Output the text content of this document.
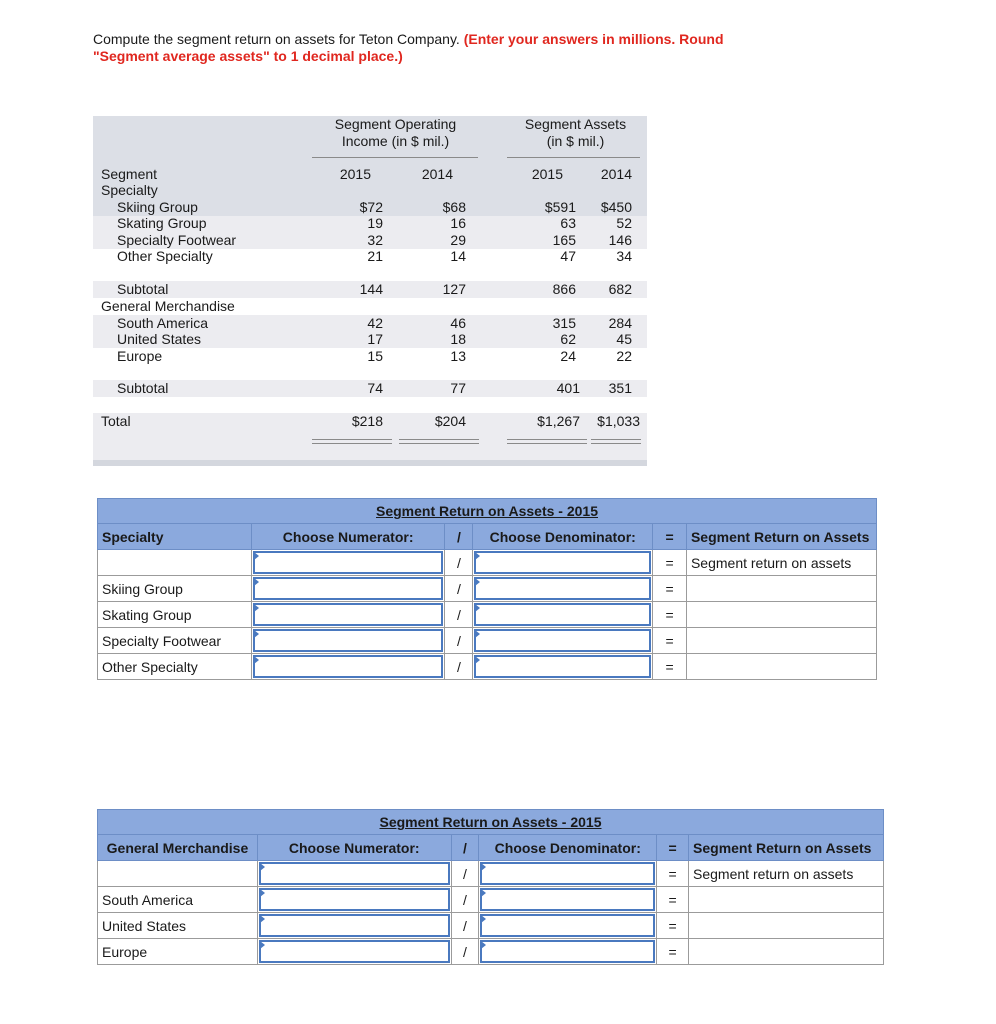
Compute the segment return on assets for Teton Company. (Enter your answers in millions. Round
"Segment average assets" to 1 decimal place.)
Segment Operating
Income (in $ mil.)
Segment Assets
(in $ mil.)
Segment	2015	2014	2015	2014
Specialty
Skiing Group	$72	$68	$591	$450
Skating Group	19	16	63	52
Specialty Footwear	32	29	165	146
Other Specialty	21	14	47	34
Subtotal	144	127	866	682
General Merchandise
South America	42	46	315	284
United States	17	18	62	45
Europe	15	13	24	22
Subtotal	74	77	401	351
Total	$218	$204	$1,267	$1,033
Segment Return on Assets - 2015					
Specialty	Choose Numerator:	/	Choose Denominator:	=	Segment Return on Assets

	/		=	Segment return on assets
Skiing Group		/		=	
Skating Group		/		=	
Specialty Footwear		/		=	
Other Specialty		/		=	
Segment Return on Assets - 2015					
General Merchandise	Choose Numerator:	/	Choose Denominator:	=	Segment Return on Assets

	/		=	Segment return on assets
South America		/		=	
United States		/		=	
Europe		/		=	
